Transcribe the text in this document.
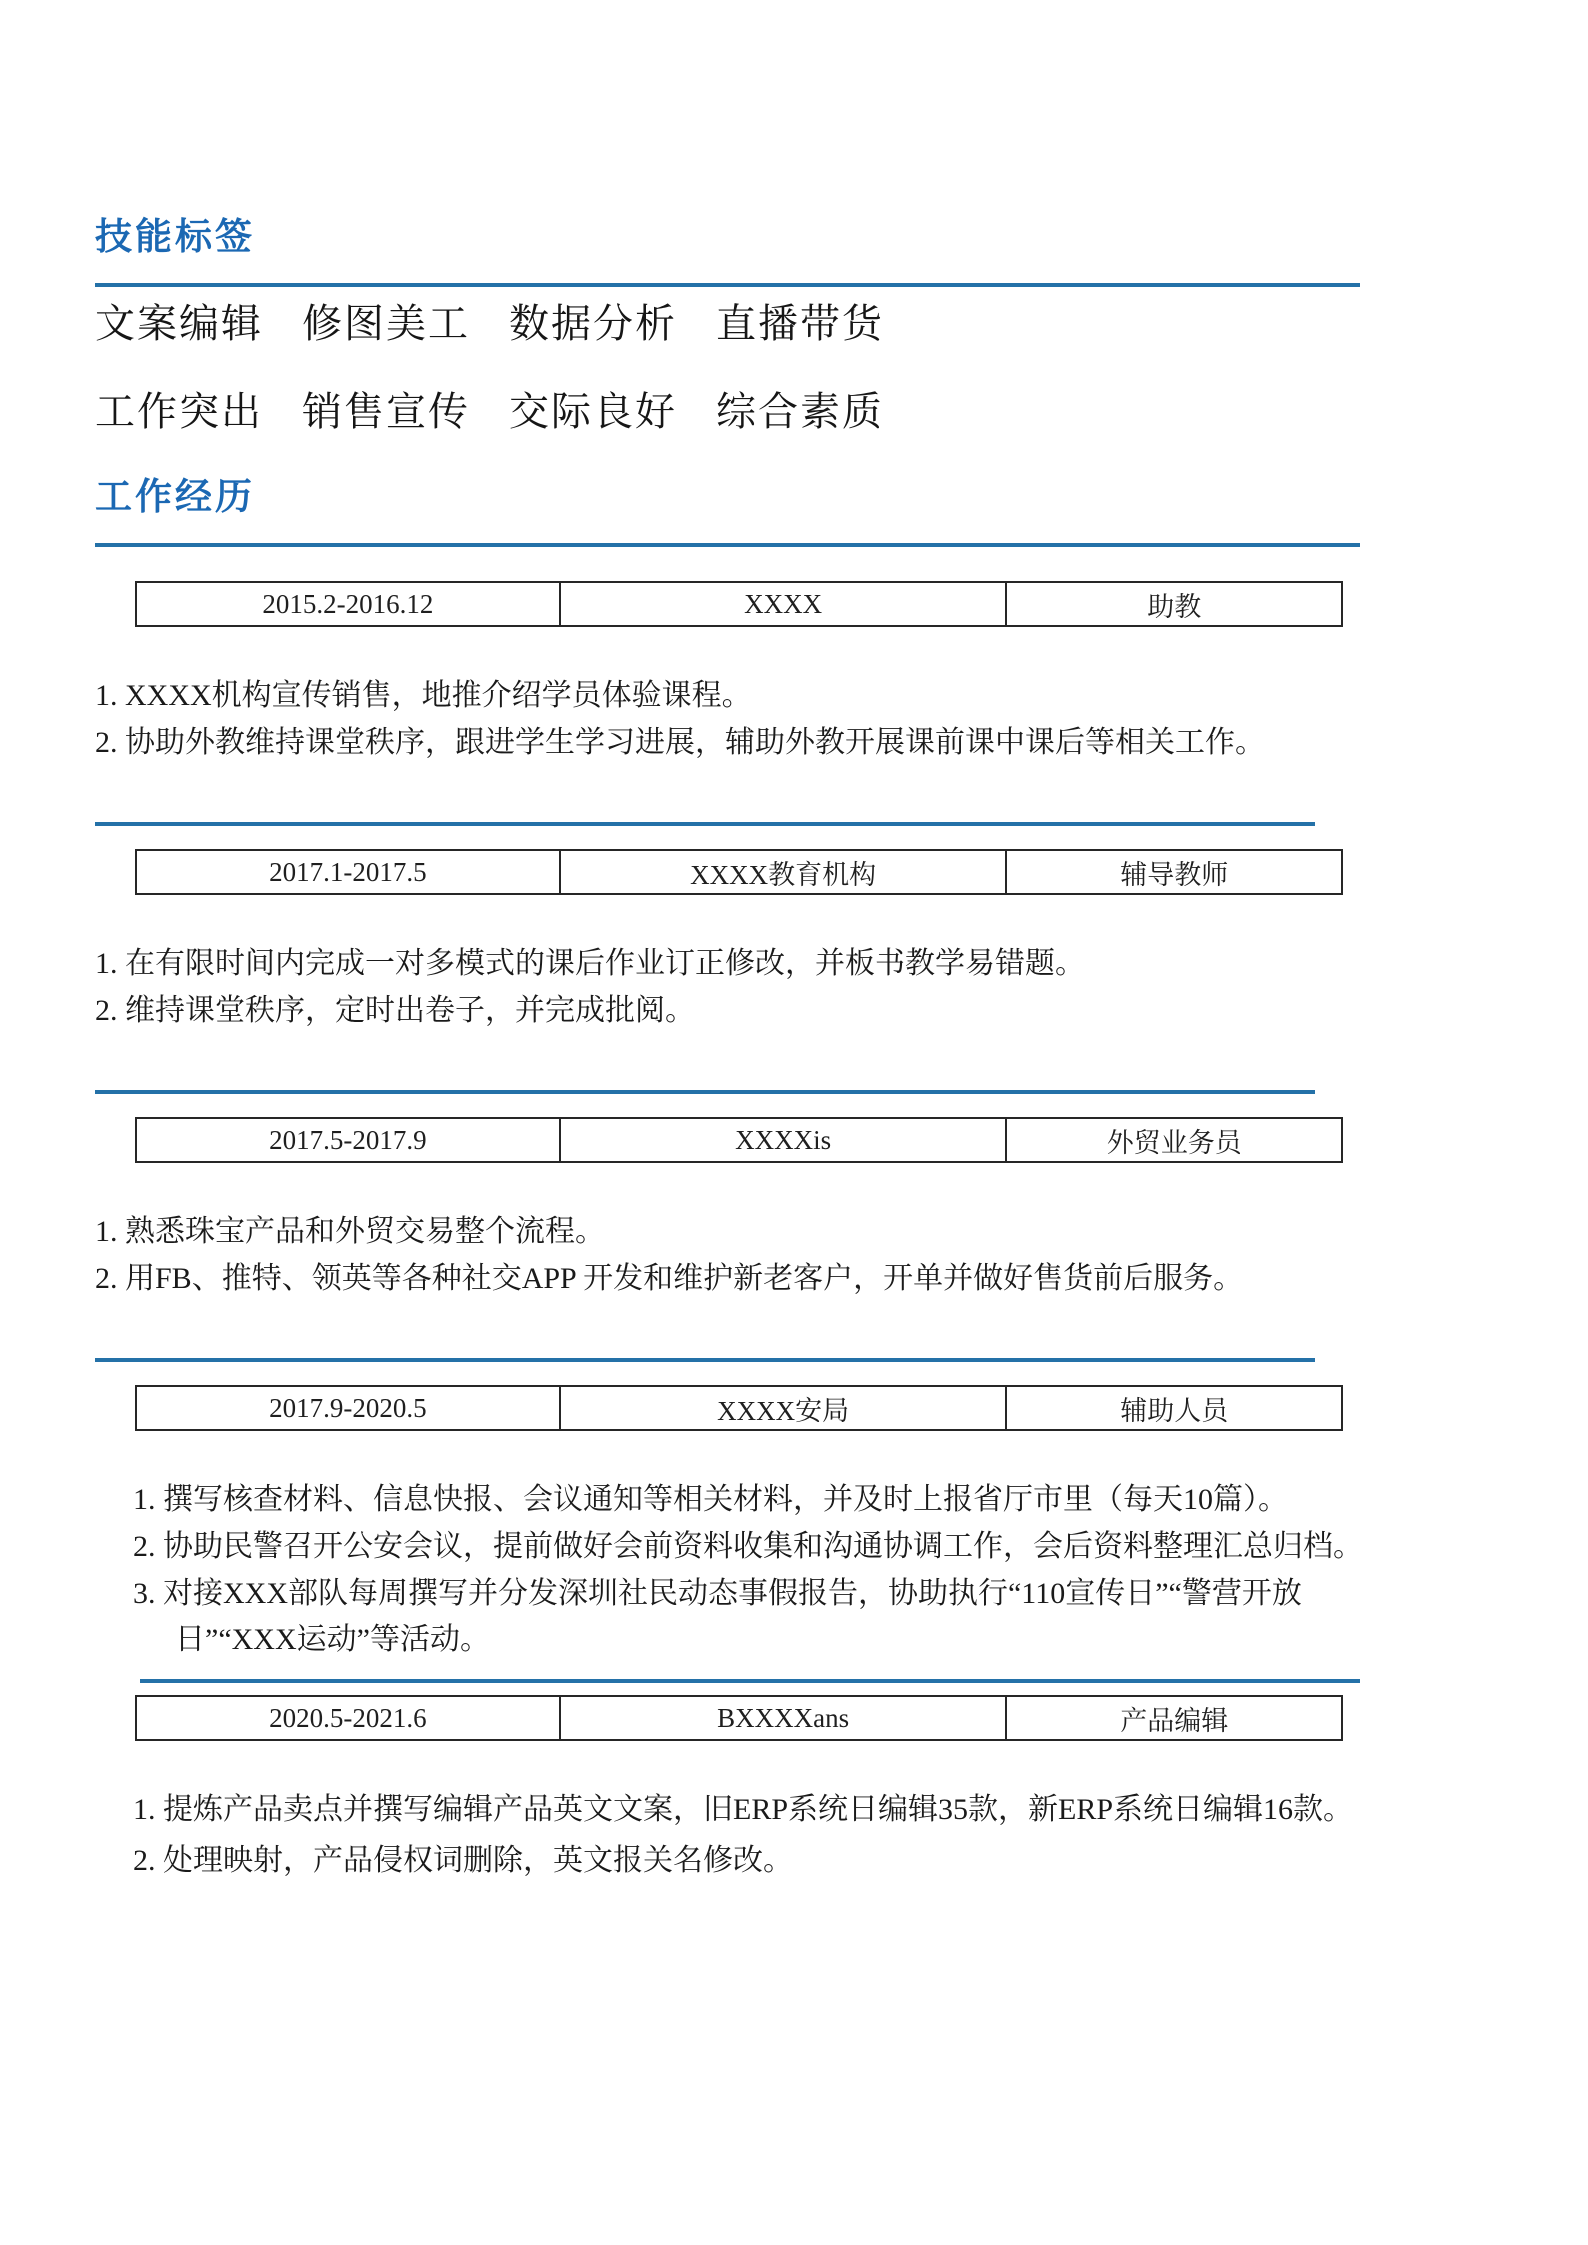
技能标签
文案编辑 修图美工 数据分析 直播带货
工作突出 销售宣传 交际良好 综合素质
工作经历
2015.2-2016.12	XXXX	助教
1. XXXX机构宣传销售，地推介绍学员体验课程。
2. 协助外教维持课堂秩序，跟进学生学习进展，辅助外教开展课前课中课后等相关工作。
2017.1-2017.5	XXXX教育机构	辅导教师
1. 在有限时间内完成一对多模式的课后作业订正修改，并板书教学易错题。
2. 维持课堂秩序，定时出卷子，并完成批阅。
2017.5-2017.9	XXXXis	外贸业务员
1. 熟悉珠宝产品和外贸交易整个流程。
2. 用FB、推特、领英等各种社交APP 开发和维护新老客户，开单并做好售货前后服务。
2017.9-2020.5	XXXX安局	辅助人员
1. 撰写核查材料、信息快报、会议通知等相关材料，并及时上报省厅市里（每天10篇）。
2. 协助民警召开公安会议，提前做好会前资料收集和沟通协调工作，会后资料整理汇总归档。
3. 对接XXX部队每周撰写并分发深圳社民动态事假报告，协助执行“110宣传日”“警营开放日”“XXX运动”等活动。
2020.5-2021.6	BXXXXans	产品编辑
1. 提炼产品卖点并撰写编辑产品英文文案，旧ERP系统日编辑35款，新ERP系统日编辑16款。
2. 处理映射，产品侵权词删除，英文报关名修改。
